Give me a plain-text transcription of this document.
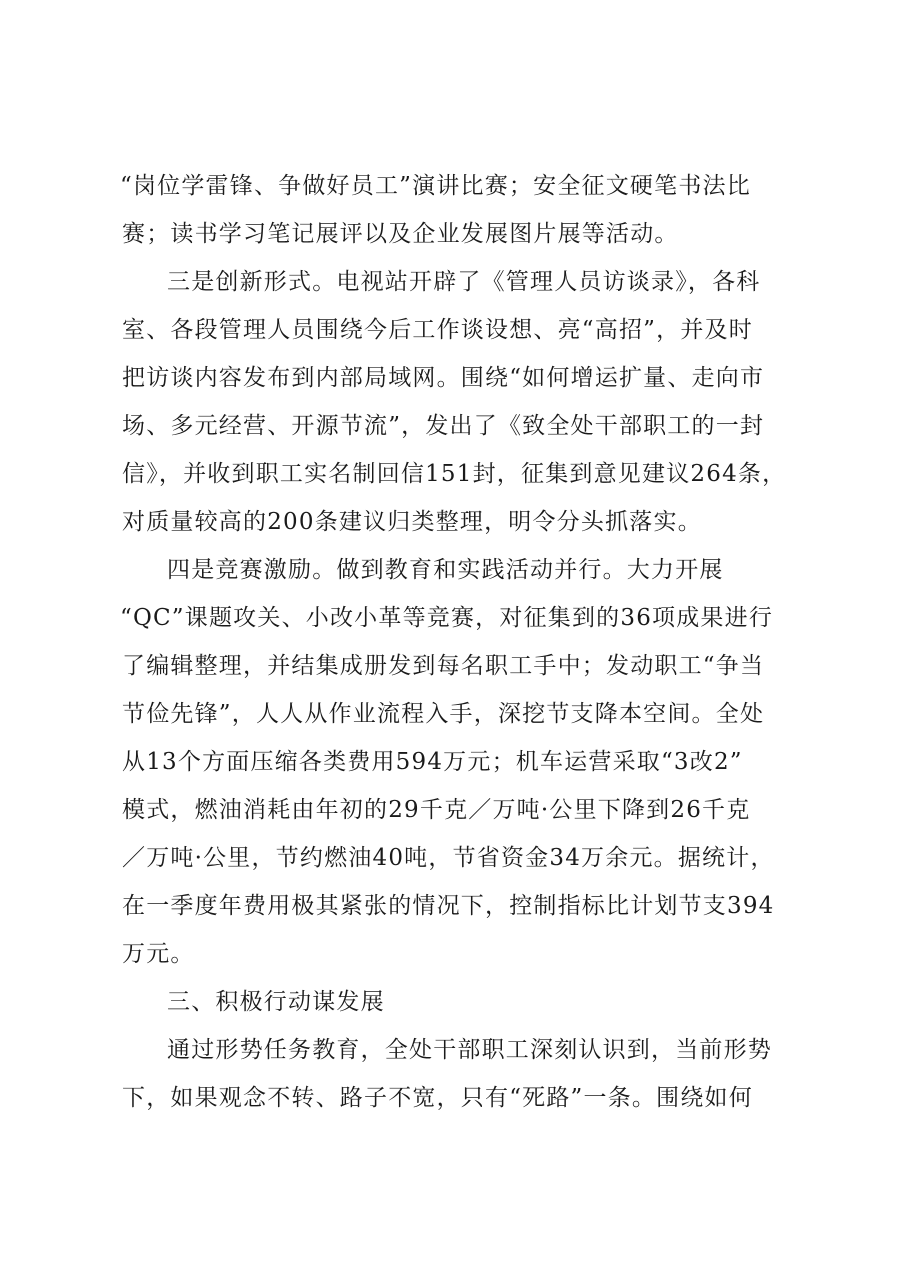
“岗位学雷锋、争做好员工”演讲比赛；安全征文硬笔书法比
赛；读书学习笔记展评以及企业发展图片展等活动。
三是创新形式。电视站开辟了《管理人员访谈录》，各科
室、各段管理人员围绕今后工作谈设想、亮“高招”，并及时
把访谈内容发布到内部局域网。围绕“如何增运扩量、走向市
场、多元经营、开源节流”，发出了《致全处干部职工的一封
信》，并收到职工实名制回信151封，征集到意见建议264条，
对质量较高的200条建议归类整理，明令分头抓落实。
四是竞赛激励。做到教育和实践活动并行。大力开展
“QC”课题攻关、小改小革等竞赛，对征集到的36项成果进行
了编辑整理，并结集成册发到每名职工手中；发动职工“争当
节俭先锋”，人人从作业流程入手，深挖节支降本空间。全处
从13个方面压缩各类费用594万元；机车运营采取“3改2”
模式，燃油消耗由年初的29千克／万吨·公里下降到26千克
／万吨·公里，节约燃油40吨，节省资金34万余元。据统计，
在一季度年费用极其紧张的情况下，控制指标比计划节支394
万元。
三、积极行动谋发展
通过形势任务教育，全处干部职工深刻认识到，当前形势
下，如果观念不转、路子不宽，只有“死路”一条。围绕如何
